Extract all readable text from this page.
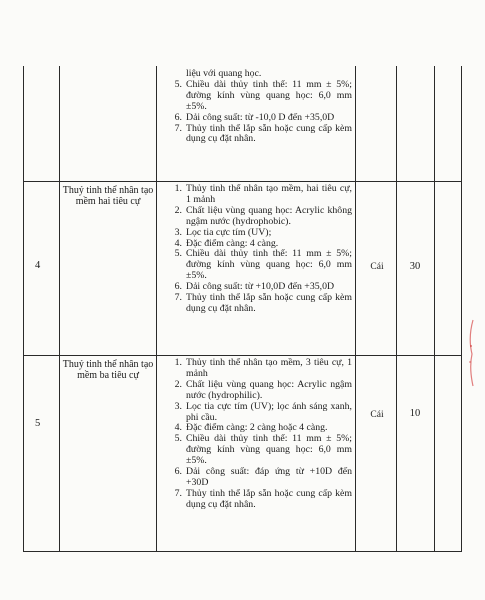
liệu với quang học.
5. Chiều dài thủy tinh thể: 11 mm ± 5%; đường kính vùng quang học: 6,0 mm ±5%.
6. Dải công suất: từ -10,0 D đến +35,0D
7. Thủy tinh thể lắp sẵn hoặc cung cấp kèm dụng cụ đặt nhân.
4
Thuỷ tinh thể nhân tạo mềm hai tiêu cự
1. Thủy tinh thể nhân tạo mềm, hai tiêu cự, 1 mảnh
2. Chất liệu vùng quang học: Acrylic không ngậm nước (hydrophobic).
3. Lọc tia cực tím (UV);
4. Đặc điểm càng: 4 càng.
5. Chiều dài thủy tinh thể: 11 mm ± 5%; đường kính vùng quang học: 6,0 mm ±5%.
6. Dải công suất: từ +10,0D đến +35,0D
7. Thủy tinh thể lắp sẵn hoặc cung cấp kèm dụng cụ đặt nhân.
Cái	30
5
Thuỷ tinh thể nhân tạo mềm ba tiêu cự
1. Thủy tinh thể nhân tạo mềm, 3 tiêu cự, 1 mảnh
2. Chất liệu vùng quang học: Acrylic ngậm nước (hydrophilic).
3. Lọc tia cực tím (UV); lọc ánh sáng xanh, phi cầu.
4. Đặc điểm càng: 2 càng hoặc 4 càng.
5. Chiều dài thủy tinh thể: 11 mm ± 5%; đường kính vùng quang học: 6,0 mm ±5%.
6. Dải công suất: đáp ứng từ +10D đến +30D
7. Thủy tinh thể lắp sẵn hoặc cung cấp kèm dụng cụ đặt nhân.
Cái	10
